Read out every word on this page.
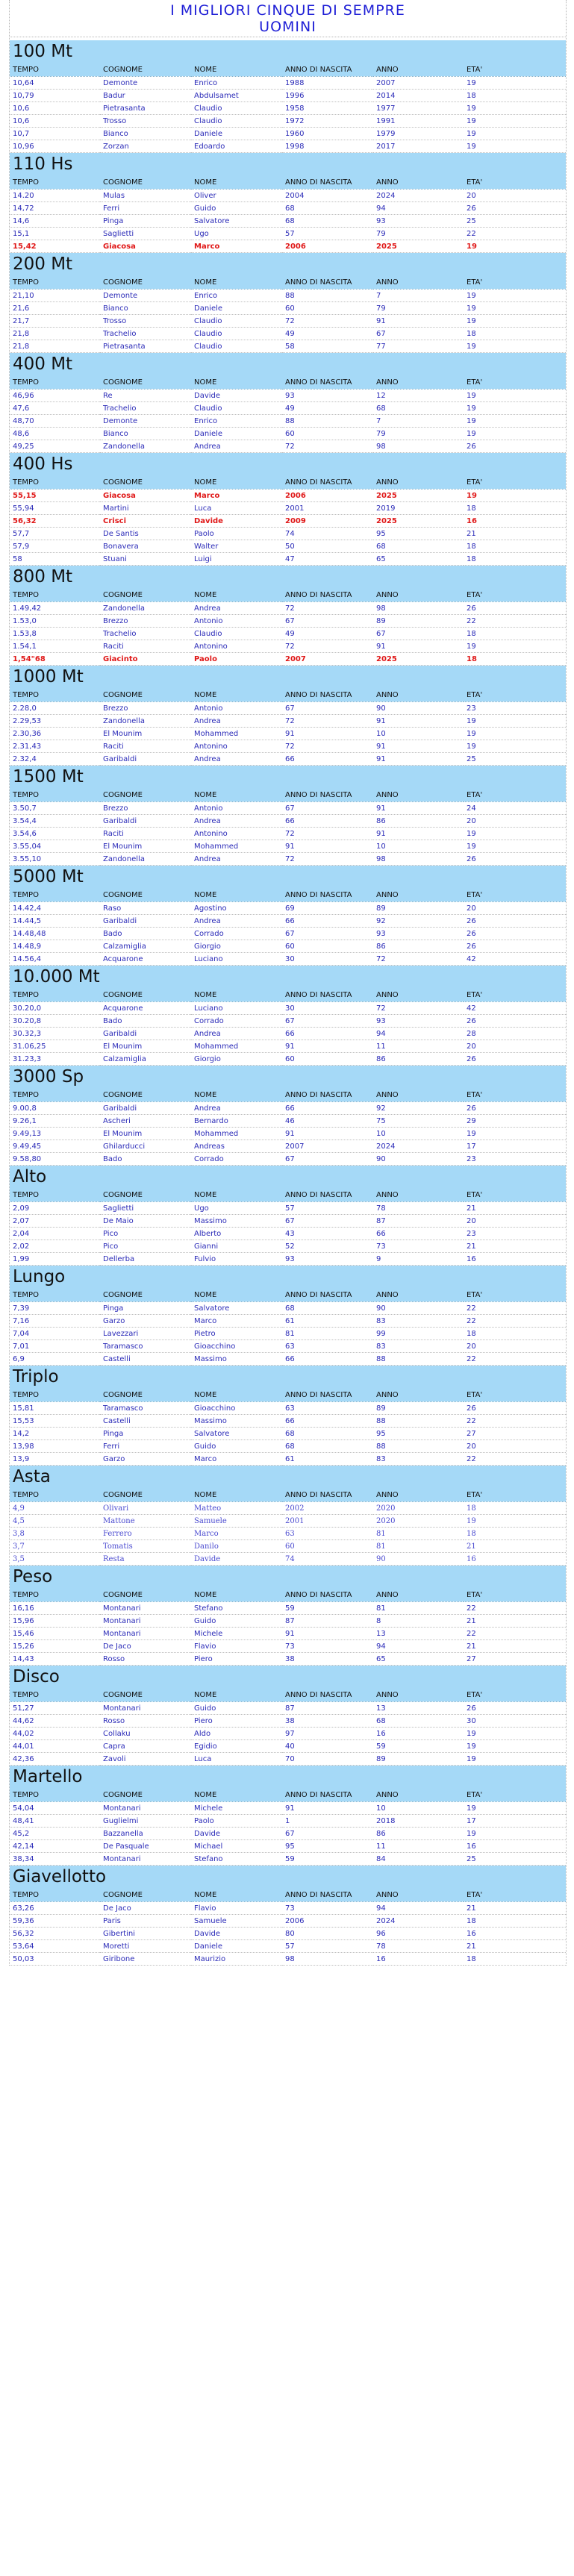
I MIGLIORI CINQUE DI SEMPRE
UOMINI
100 Mt					
TEMPO	COGNOME	NOME	ANNO DI NASCITA	ANNO	ETA'
10,64	Demonte	Enrico	1988	2007	19
10,79	Badur	Abdulsamet	1996	2014	18
10,6	Pietrasanta	Claudio	1958	1977	19
10,6	Trosso	Claudio	1972	1991	19
10,7	Bianco	Daniele	1960	1979	19
10,96	Zorzan	Edoardo	1998	2017	19
110 Hs					
TEMPO	COGNOME	NOME	ANNO DI NASCITA	ANNO	ETA'
14.20	Mulas	Oliver	2004	2024	20
14,72	Ferri	Guido	68	94	26
14,6	Pinga	Salvatore	68	93	25
15,1	Saglietti	Ugo	57	79	22
15,42	Giacosa	Marco	2006	2025	19
200 Mt					
TEMPO	COGNOME	NOME	ANNO DI NASCITA	ANNO	ETA'
21,10	Demonte	Enrico	88	7	19
21,6	Bianco	Daniele	60	79	19
21,7	Trosso	Claudio	72	91	19
21,8	Trachelio	Claudio	49	67	18
21,8	Pietrasanta	Claudio	58	77	19
400 Mt					
TEMPO	COGNOME	NOME	ANNO DI NASCITA	ANNO	ETA'
46,96	Re	Davide	93	12	19
47,6	Trachelio	Claudio	49	68	19
48,70	Demonte	Enrico	88	7	19
48,6	Bianco	Daniele	60	79	19
49,25	Zandonella	Andrea	72	98	26
400 Hs					
TEMPO	COGNOME	NOME	ANNO DI NASCITA	ANNO	ETA'
55,15	Giacosa	Marco	2006	2025	19
55,94	Martini	Luca	2001	2019	18
56,32	Crisci	Davide	2009	2025	16
57,7	De Santis	Paolo	74	95	21
57,9	Bonavera	Walter	50	68	18
58	Stuani	Luigi	47	65	18
800 Mt					
TEMPO	COGNOME	NOME	ANNO DI NASCITA	ANNO	ETA'
1.49,42	Zandonella	Andrea	72	98	26
1.53,0	Brezzo	Antonio	67	89	22
1.53,8	Trachelio	Claudio	49	67	18
1.54,1	Raciti	Antonino	72	91	19
1,54"68	Giacinto	Paolo	2007	2025	18
1000 Mt					
TEMPO	COGNOME	NOME	ANNO DI NASCITA	ANNO	ETA'
2.28,0	Brezzo	Antonio	67	90	23
2.29,53	Zandonella	Andrea	72	91	19
2.30,36	El Mounim	Mohammed	91	10	19
2.31,43	Raciti	Antonino	72	91	19
2.32,4	Garibaldi	Andrea	66	91	25
1500 Mt					
TEMPO	COGNOME	NOME	ANNO DI NASCITA	ANNO	ETA'
3.50,7	Brezzo	Antonio	67	91	24
3.54,4	Garibaldi	Andrea	66	86	20
3.54,6	Raciti	Antonino	72	91	19
3.55,04	El Mounim	Mohammed	91	10	19
3.55,10	Zandonella	Andrea	72	98	26
5000 Mt					
TEMPO	COGNOME	NOME	ANNO DI NASCITA	ANNO	ETA'
14.42,4	Raso	Agostino	69	89	20
14.44,5	Garibaldi	Andrea	66	92	26
14.48,48	Bado	Corrado	67	93	26
14.48,9	Calzamiglia	Giorgio	60	86	26
14.56,4	Acquarone	Luciano	30	72	42
10.000 Mt					
TEMPO	COGNOME	NOME	ANNO DI NASCITA	ANNO	ETA'
30.20,0	Acquarone	Luciano	30	72	42
30.20,8	Bado	Corrado	67	93	26
30.32,3	Garibaldi	Andrea	66	94	28
31.06,25	El Mounim	Mohammed	91	11	20
31.23,3	Calzamiglia	Giorgio	60	86	26
3000 Sp					
TEMPO	COGNOME	NOME	ANNO DI NASCITA	ANNO	ETA'
9.00,8	Garibaldi	Andrea	66	92	26
9.26,1	Ascheri	Bernardo	46	75	29
9.49,13	El Mounim	Mohammed	91	10	19
9.49,45	Ghilarducci	Andreas	2007	2024	17
9.58,80	Bado	Corrado	67	90	23
Alto					
TEMPO	COGNOME	NOME	ANNO DI NASCITA	ANNO	ETA'
2,09	Saglietti	Ugo	57	78	21
2,07	De Maio	Massimo	67	87	20
2,04	Pico	Alberto	43	66	23
2,02	Pico	Gianni	52	73	21
1,99	Dellerba	Fulvio	93	9	16
Lungo					
TEMPO	COGNOME	NOME	ANNO DI NASCITA	ANNO	ETA'
7,39	Pinga	Salvatore	68	90	22
7,16	Garzo	Marco	61	83	22
7,04	Lavezzari	Pietro	81	99	18
7,01	Taramasco	Gioacchino	63	83	20
6,9	Castelli	Massimo	66	88	22
Triplo					
TEMPO	COGNOME	NOME	ANNO DI NASCITA	ANNO	ETA'
15,81	Taramasco	Gioacchino	63	89	26
15,53	Castelli	Massimo	66	88	22
14,2	Pinga	Salvatore	68	95	27
13,98	Ferri	Guido	68	88	20
13,9	Garzo	Marco	61	83	22
Asta					
TEMPO	COGNOME	NOME	ANNO DI NASCITA	ANNO	ETA'
4,9	Olivari	Matteo	2002	2020	18
4,5	Mattone	Samuele	2001	2020	19
3,8	Ferrero	Marco	63	81	18
3,7	Tomatis	Danilo	60	81	21
3,5	Resta	Davide	74	90	16
Peso					
TEMPO	COGNOME	NOME	ANNO DI NASCITA	ANNO	ETA'
16,16	Montanari	Stefano	59	81	22
15,96	Montanari	Guido	87	8	21
15,46	Montanari	Michele	91	13	22
15,26	De Jaco	Flavio	73	94	21
14,43	Rosso	Piero	38	65	27
Disco					
TEMPO	COGNOME	NOME	ANNO DI NASCITA	ANNO	ETA'
51,27	Montanari	Guido	87	13	26
44,62	Rosso	Piero	38	68	30
44,02	Collaku	Aldo	97	16	19
44,01	Capra	Egidio	40	59	19
42,36	Zavoli	Luca	70	89	19
Martello					
TEMPO	COGNOME	NOME	ANNO DI NASCITA	ANNO	ETA'
54,04	Montanari	Michele	91	10	19
48,41	Guglielmi	Paolo	1	2018	17
45,2	Bazzanella	Davide	67	86	19
42,14	De Pasquale	Michael	95	11	16
38,34	Montanari	Stefano	59	84	25
Giavellotto					
TEMPO	COGNOME	NOME	ANNO DI NASCITA	ANNO	ETA'
63,26	De Jaco	Flavio	73	94	21
59,36	Paris	Samuele	2006	2024	18
56,32	Gibertini	Davide	80	96	16
53,64	Moretti	Daniele	57	78	21
50,03	Giribone	Maurizio	98	16	18
